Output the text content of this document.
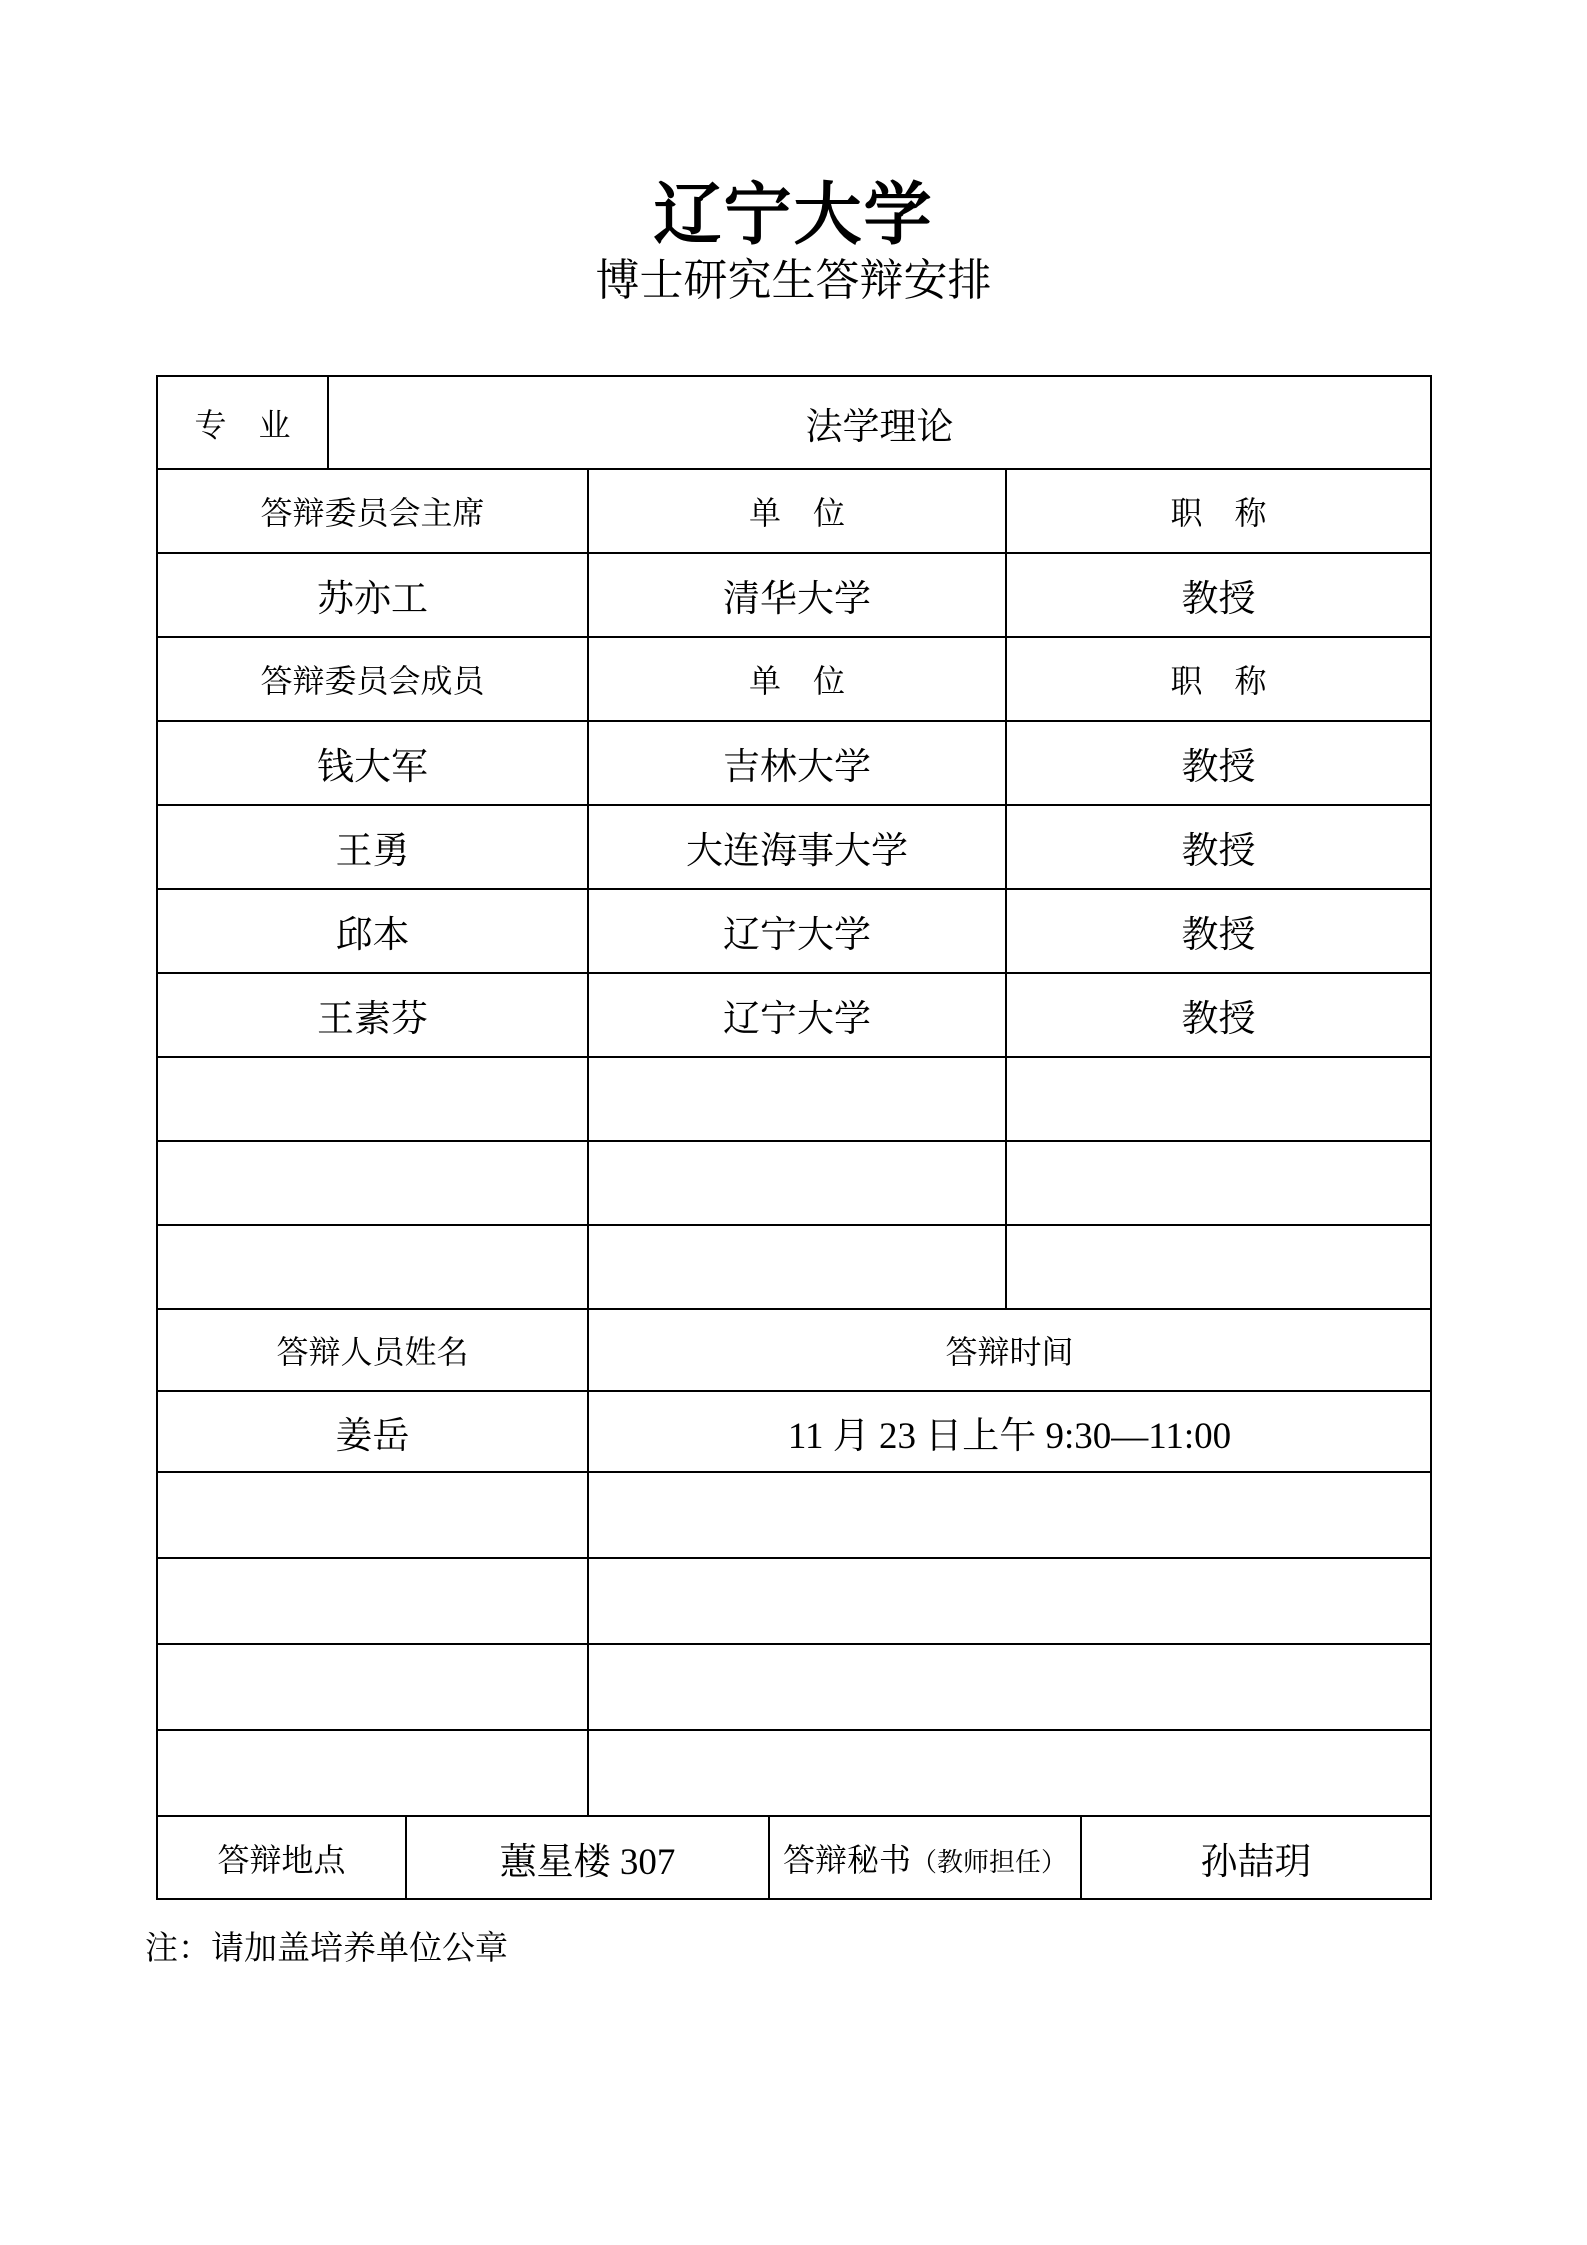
辽宁大学
博士研究生答辩安排
专　业	法学理论					
答辩委员会主席			单　位		职　称	
苏亦工			清华大学		教授	
答辩委员会成员			单　位		职　称	
钱大军			吉林大学		教授	
王勇			大连海事大学		教授	
邱本			辽宁大学		教授	
王素芬			辽宁大学		教授	

答辩人员姓名			答辩时间			
姜岳			11 月 23 日上午 9:30—11:00			

答辩地点		蕙星楼 307		答辩秘书（教师担任）		孙喆玥
注：请加盖培养单位公章
